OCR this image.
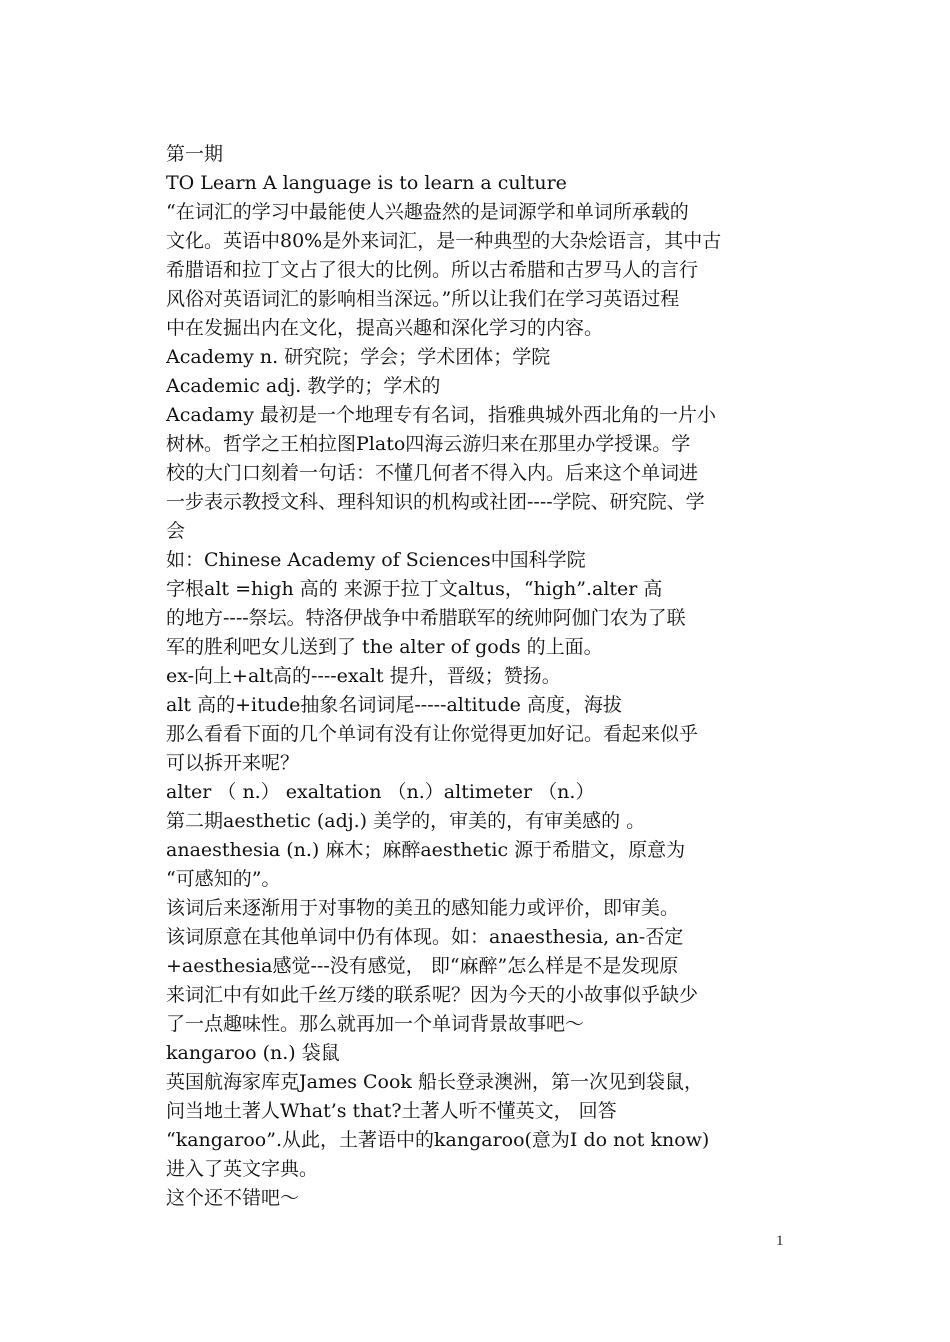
第一期
TO Learn A language is to learn a culture
“在词汇的学习中最能使人兴趣盎然的是词源学和单词所承载的
文化。英语中80%是外来词汇，是一种典型的大杂烩语言，其中古
希腊语和拉丁文占了很大的比例。所以古希腊和古罗马人的言行
风俗对英语词汇的影响相当深远。”所以让我们在学习英语过程
中在发掘出内在文化，提高兴趣和深化学习的内容。
Academy n. 研究院；学会；学术团体；学院
Academic adj. 教学的；学术的
Acadamy 最初是一个地理专有名词，指雅典城外西北角的一片小
树林。哲学之王柏拉图Plato四海云游归来在那里办学授课。学
校的大门口刻着一句话：不懂几何者不得入内。后来这个单词进
一步表示教授文科、理科知识的机构或社团----学院、研究院、学
会
如：Chinese Academy of Sciences中国科学院
字根alt =high 高的 来源于拉丁文altus，“high”.alter 高
的地方----祭坛。特洛伊战争中希腊联军的统帅阿伽门农为了联
军的胜利吧女儿送到了 the alter of gods 的上面。
ex-向上+alt高的----exalt 提升，晋级；赞扬。
alt 高的+itude抽象名词词尾-----altitude 高度，海拔
那么看看下面的几个单词有没有让你觉得更加好记。看起来似乎
可以拆开来呢？
alter （ n.） exaltation （n.）altimeter （n.）
第二期aesthetic (adj.) 美学的，审美的，有审美感的 。
anaesthesia (n.) 麻木；麻醉aesthetic 源于希腊文，原意为
“可感知的”。
该词后来逐渐用于对事物的美丑的感知能力或评价，即审美。
该词原意在其他单词中仍有体现。如：anaesthesia, an-否定
+aesthesia感觉---没有感觉， 即“麻醉”怎么样是不是发现原
来词汇中有如此千丝万缕的联系呢？因为今天的小故事似乎缺少
了一点趣味性。那么就再加一个单词背景故事吧～
kangaroo (n.) 袋鼠
英国航海家库克James Cook 船长登录澳洲，第一次见到袋鼠，
问当地土著人What’s that?土著人听不懂英文， 回答
“kangaroo”.从此，土著语中的kangaroo(意为I do not know)
进入了英文字典。
这个还不错吧～
1
